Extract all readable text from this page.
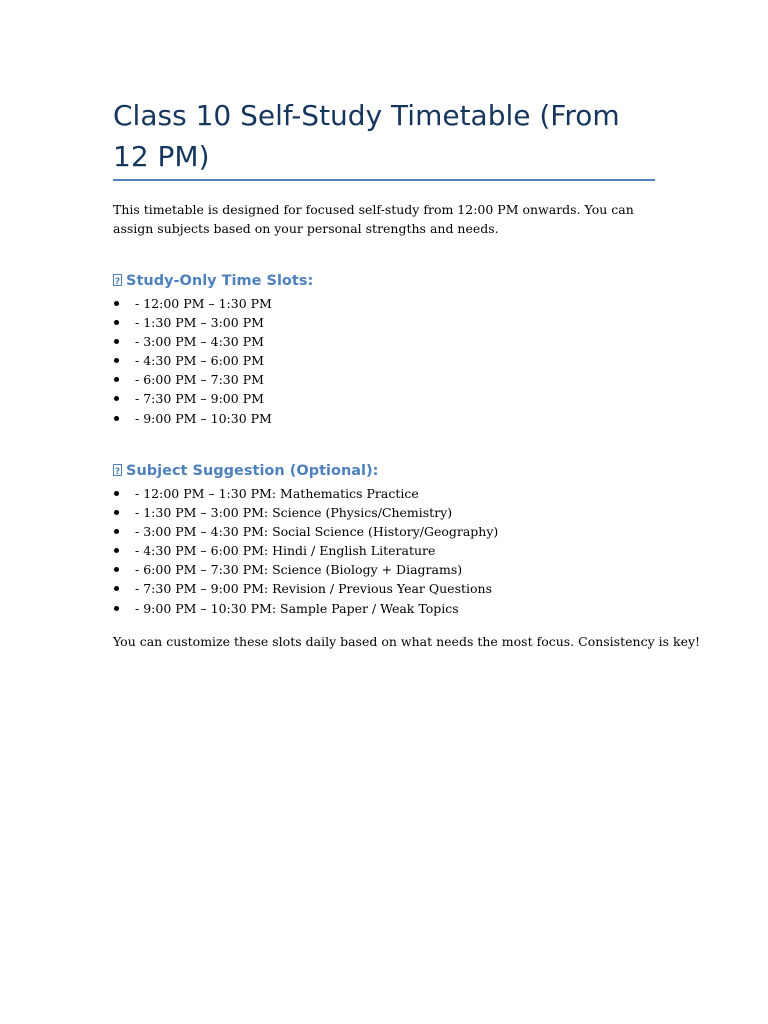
Class 10 Self-Study Timetable (From 12 PM)

This timetable is designed for focused self-study from 12:00 PM onwards. You can assign subjects based on your personal strengths and needs.

?Study-Only Time Slots:
- 12:00 PM – 1:30 PM
- 1:30 PM – 3:00 PM
- 3:00 PM – 4:30 PM
- 4:30 PM – 6:00 PM
- 6:00 PM – 7:30 PM
- 7:30 PM – 9:00 PM
- 9:00 PM – 10:30 PM
?Subject Suggestion (Optional):
- 12:00 PM – 1:30 PM: Mathematics Practice
- 1:30 PM – 3:00 PM: Science (Physics/Chemistry)
- 3:00 PM – 4:30 PM: Social Science (History/Geography)
- 4:30 PM – 6:00 PM: Hindi / English Literature
- 6:00 PM – 7:30 PM: Science (Biology + Diagrams)
- 7:30 PM – 9:00 PM: Revision / Previous Year Questions
- 9:00 PM – 10:30 PM: Sample Paper / Weak Topics

You can customize these slots daily based on what needs the most focus. Consistency is key!
